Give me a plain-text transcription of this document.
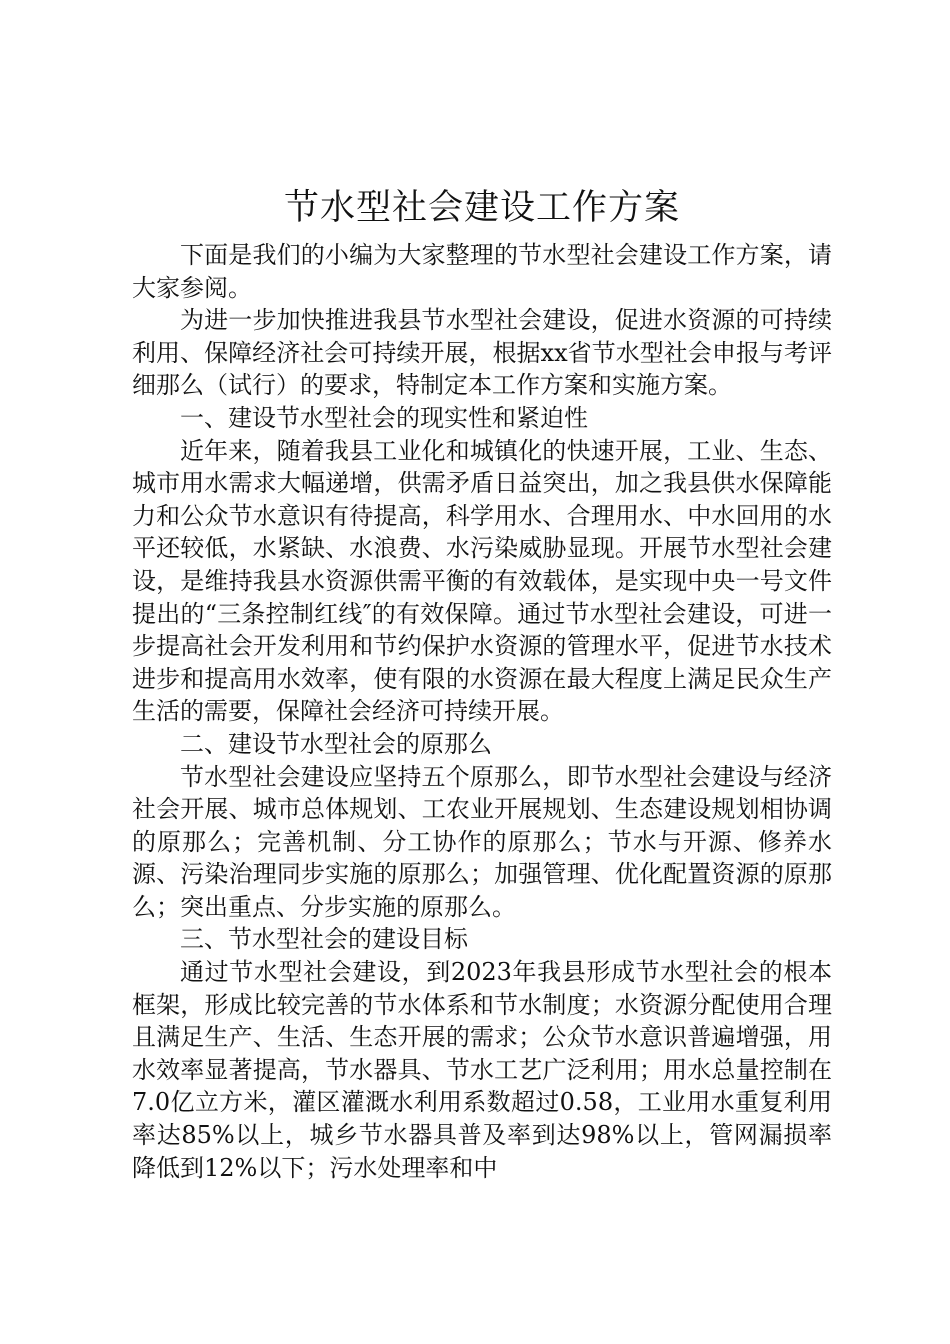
节水型社会建设工作方案

下面是我们的小编为大家整理的节水型社会建设工作方案，请大家参阅。

为进一步加快推进我县节水型社会建设，促进水资源的可持续利用、保障经济社会可持续开展，根据xx省节水型社会申报与考评细那么（试行）的要求，特制定本工作方案和实施方案。

一、建设节水型社会的现实性和紧迫性

近年来，随着我县工业化和城镇化的快速开展，工业、生态、城市用水需求大幅递增，供需矛盾日益突出，加之我县供水保障能力和公众节水意识有待提高，科学用水、合理用水、中水回用的水平还较低，水紧缺、水浪费、水污染威胁显现。开展节水型社会建设，是维持我县水资源供需平衡的有效载体，是实现中央一号文件提出的“三条控制红线″的有效保障。通过节水型社会建设，可进一步提高社会开发利用和节约保护水资源的管理水平，促进节水技术进步和提高用水效率，使有限的水资源在最大程度上满足民众生产生活的需要，保障社会经济可持续开展。

二、建设节水型社会的原那么

节水型社会建设应坚持五个原那么，即节水型社会建设与经济社会开展、城市总体规划、工农业开展规划、生态建设规划相协调的原那么；完善机制、分工协作的原那么；节水与开源、修养水源、污染治理同步实施的原那么；加强管理、优化配置资源的原那么；突出重点、分步实施的原那么。

三、节水型社会的建设目标

通过节水型社会建设，到2023年我县形成节水型社会的根本框架，形成比较完善的节水体系和节水制度；水资源分配使用合理且满足生产、生活、生态开展的需求；公众节水意识普遍增强，用水效率显著提高，节水器具、节水工艺广泛利用；用水总量控制在7.0亿立方米，灌区灌溉水利用系数超过0.58，工业用水重复利用率达85%以上，城乡节水器具普及率到达98%以上，管网漏损率降低到12%以下；污水处理率和中
